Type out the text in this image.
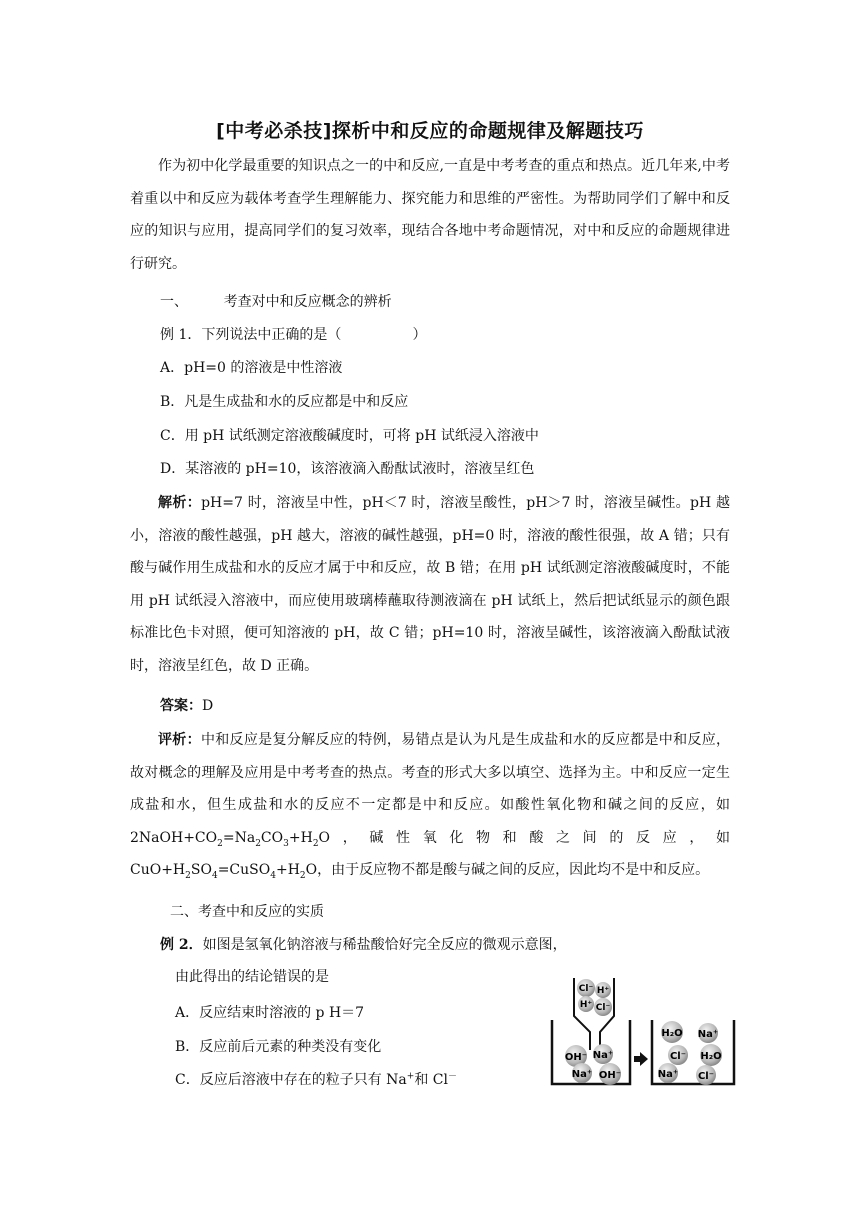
[中考必杀技]探析中和反应的命题规律及解题技巧
作为初中化学最重要的知识点之一的中和反应,一直是中考考查的重点和热点。近几年来,中考着重以中和反应为载体考查学生理解能力、探究能力和思维的严密性。为帮助同学们了解中和反应的知识与应用，提高同学们的复习效率，现结合各地中考命题情况，对中和反应的命题规律进行研究。
一、        考查对中和反应概念的辨析
例 1．下列说法中正确的是（                ）
A．pH=0 的溶液是中性溶液
B．凡是生成盐和水的反应都是中和反应
C．用 pH 试纸测定溶液酸碱度时，可将 pH 试纸浸入溶液中
D．某溶液的 pH=10，该溶液滴入酚酞试液时，溶液呈红色
解析：pH=7 时，溶液呈中性，pH＜7 时，溶液呈酸性，pH＞7 时，溶液呈碱性。pH 越小，溶液的酸性越强，pH 越大，溶液的碱性越强，pH=0 时，溶液的酸性很强，故 A 错；只有酸与碱作用生成盐和水的反应才属于中和反应，故 B 错；在用 pH 试纸测定溶液酸碱度时，不能用 pH 试纸浸入溶液中，而应使用玻璃棒蘸取待测液滴在 pH 试纸上，然后把试纸显示的颜色跟标准比色卡对照，便可知溶液的 pH，故 C 错；pH=10 时，溶液呈碱性，该溶液滴入酚酞试液时，溶液呈红色，故 D 正确。
答案：D
评析：中和反应是复分解反应的特例，易错点是认为凡是生成盐和水的反应都是中和反应，故对概念的理解及应用是中考考查的热点。考查的形式大多以填空、选择为主。中和反应一定生成盐和水，但生成盐和水的反应不一定都是中和反应。如酸性氧化物和碱之间的反应，如 $2NaOH+CO_2=Na_2CO_3+H_2O$，碱性氧化物和酸之间的反应，如 $CuO+H_2SO_4=CuSO_4+H_2O$，由于反应物不都是酸与碱之间的反应，因此均不是中和反应。
二、考查中和反应的实质
例 2．如图是氢氧化钠溶液与稀盐酸恰好完全反应的微观示意图，
由此得出的结论错误的是
A．反应结束时溶液的 p H＝7
B．反应前后元素的种类没有变化
C．反应后溶液中存在的粒子只有 Na+和 Cl－
Cl⁻ H⁺
H⁺ Cl⁻
OH⁻ Na⁺
Na⁺ OH⁻
H₂O Na⁺
Cl⁻ H₂O
Na⁺ Cl⁻
